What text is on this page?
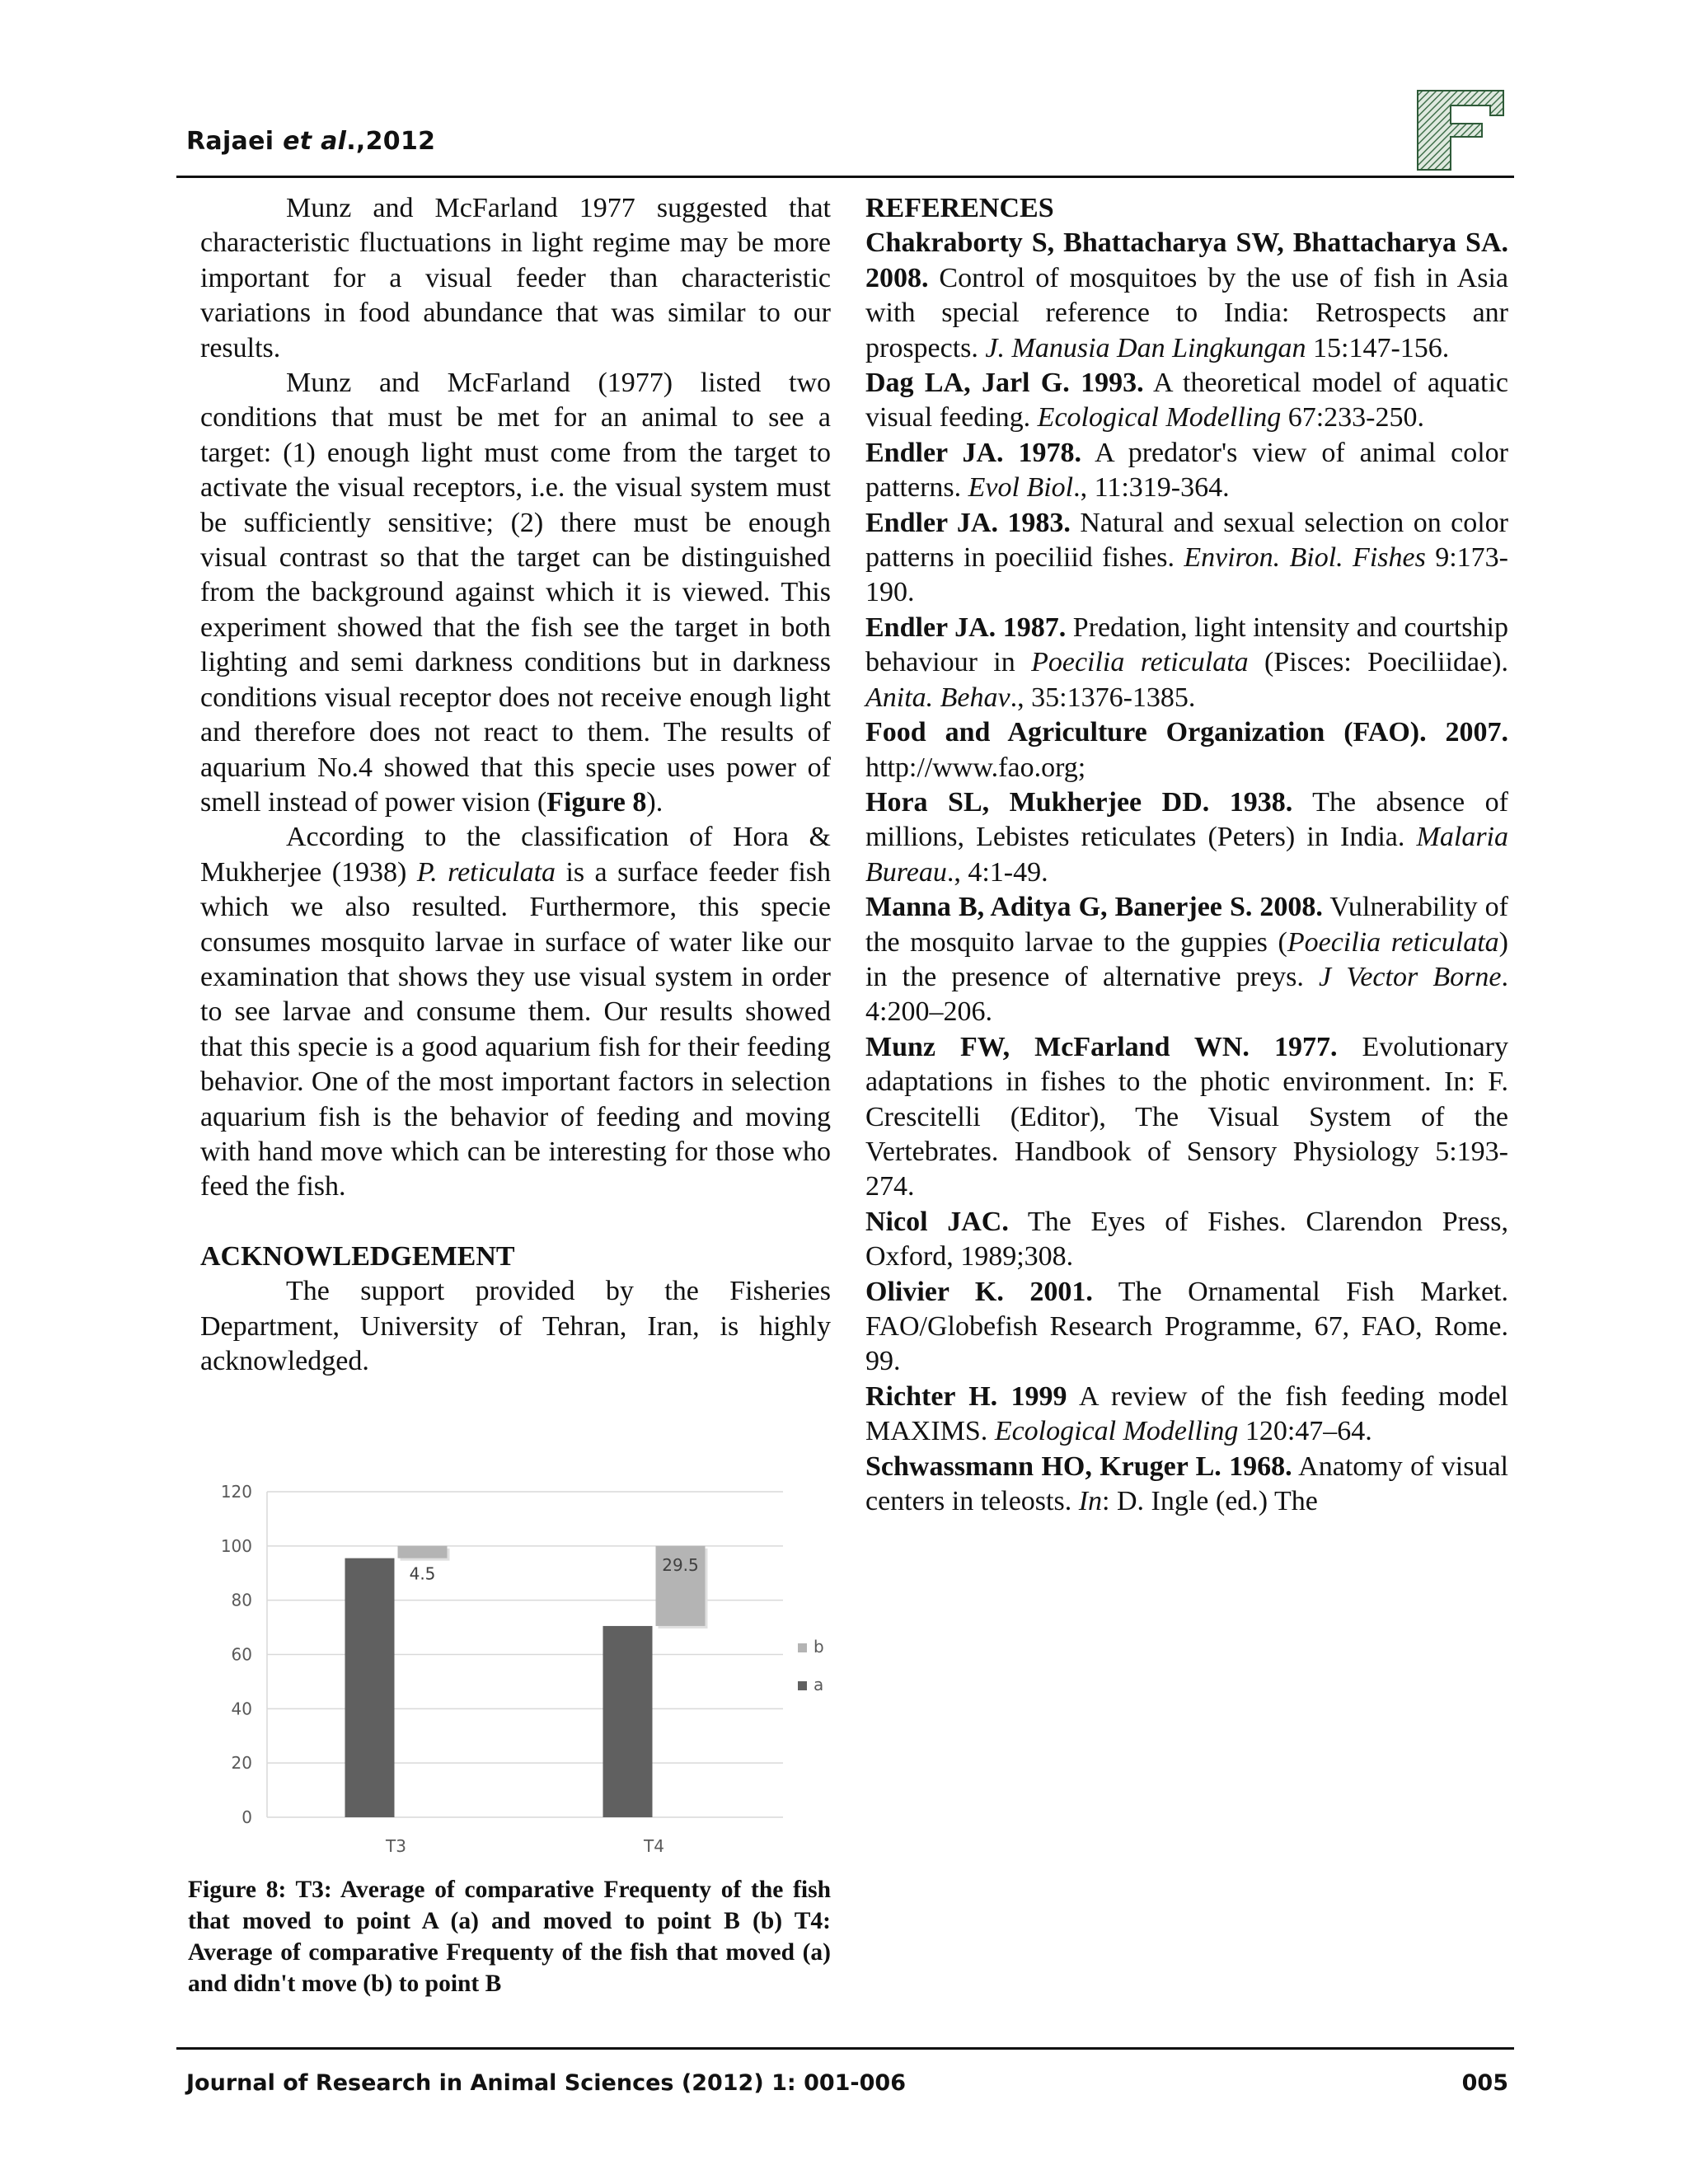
Rajaei et al.,2012
F

Munz and McFarland 1977 suggested that characteristic fluctuations in light regime may be more important for a visual feeder than characteristic variations in food abundance that was similar to our results.

Munz and McFarland (1977) listed two conditions that must be met for an animal to see a target: (1) enough light must come from the target to activate the visual receptors, i.e. the visual system must be sufficiently sensitive; (2) there must be enough visual contrast so that the target can be distinguished from the background against which it is viewed. This experiment showed that the fish see the target in both lighting and semi darkness conditions but in darkness conditions visual receptor does not receive enough light and therefore does not react to them. The results of aquarium No.4 showed that this specie uses power of smell instead of power vision (Figure 8).

According to the classification of Hora & Mukherjee (1938) P. reticulata is a surface feeder fish which we also resulted. Furthermore, this specie consumes mosquito larvae in surface of water like our examination that shows they use visual system in order to see larvae and consume them. Our results showed that this specie is a good aquarium fish for their feeding behavior. One of the most important factors in selection aquarium fish is the behavior of feeding and moving with hand move which can be interesting for those who feed the fish.

ACKNOWLEDGEMENT

The support provided by the Fisheries Department, University of Tehran, Iran, is highly acknowledged.

0
20
40
60
80
100
120
4.5	29.5
T3	T4
b
a
Figure 8: T3: Average of comparative Frequenty of the fish that moved to point A (a) and moved to point B (b) T4: Average of comparative Frequenty of the fish that moved (a) and didn't move (b) to point B

REFERENCES

Chakraborty S, Bhattacharya SW, Bhattacharya SA. 2008. Control of mosquitoes by the use of fish in Asia with special reference to India: Retrospects anr prospects. J. Manusia Dan Lingkungan 15:147-156.

Dag LA, Jarl G. 1993. A theoretical model of aquatic visual feeding. Ecological Modelling 67:233-250.

Endler JA. 1978. A predator's view of animal color patterns. Evol Biol., 11:319-364.

Endler JA. 1983. Natural and sexual selection on color patterns in poeciliid fishes. Environ. Biol. Fishes 9:173-190.

Endler JA. 1987. Predation, light intensity and courtship behaviour in Poecilia reticulata (Pisces: Poeciliidae). Anita. Behav., 35:1376-1385.

Food and Agriculture Organization (FAO). 2007. http://www.fao.org;

Hora SL, Mukherjee DD. 1938. The absence of millions, Lebistes reticulates (Peters) in India. Malaria Bureau., 4:1-49.

Manna B, Aditya G, Banerjee S. 2008. Vulnerability of the mosquito larvae to the guppies (Poecilia reticulata) in the presence of alternative preys. J Vector Borne. 4:200–206.

Munz FW, McFarland WN. 1977. Evolutionary adaptations in fishes to the photic environment. In: F. Crescitelli (Editor), The Visual System of the Vertebrates. Handbook of Sensory Physiology 5:193-274.

Nicol JAC. The Eyes of Fishes. Clarendon Press, Oxford, 1989;308.

Olivier K. 2001. The Ornamental Fish Market. FAO/Globefish Research Programme, 67, FAO, Rome. 99.

Richter H. 1999 A review of the fish feeding model MAXIMS. Ecological Modelling 120:47–64.

Schwassmann HO, Kruger L. 1968. Anatomy of visual centers in teleosts. In: D. Ingle (ed.) The

Journal of Research in Animal Sciences (2012) 1: 001-006	005
